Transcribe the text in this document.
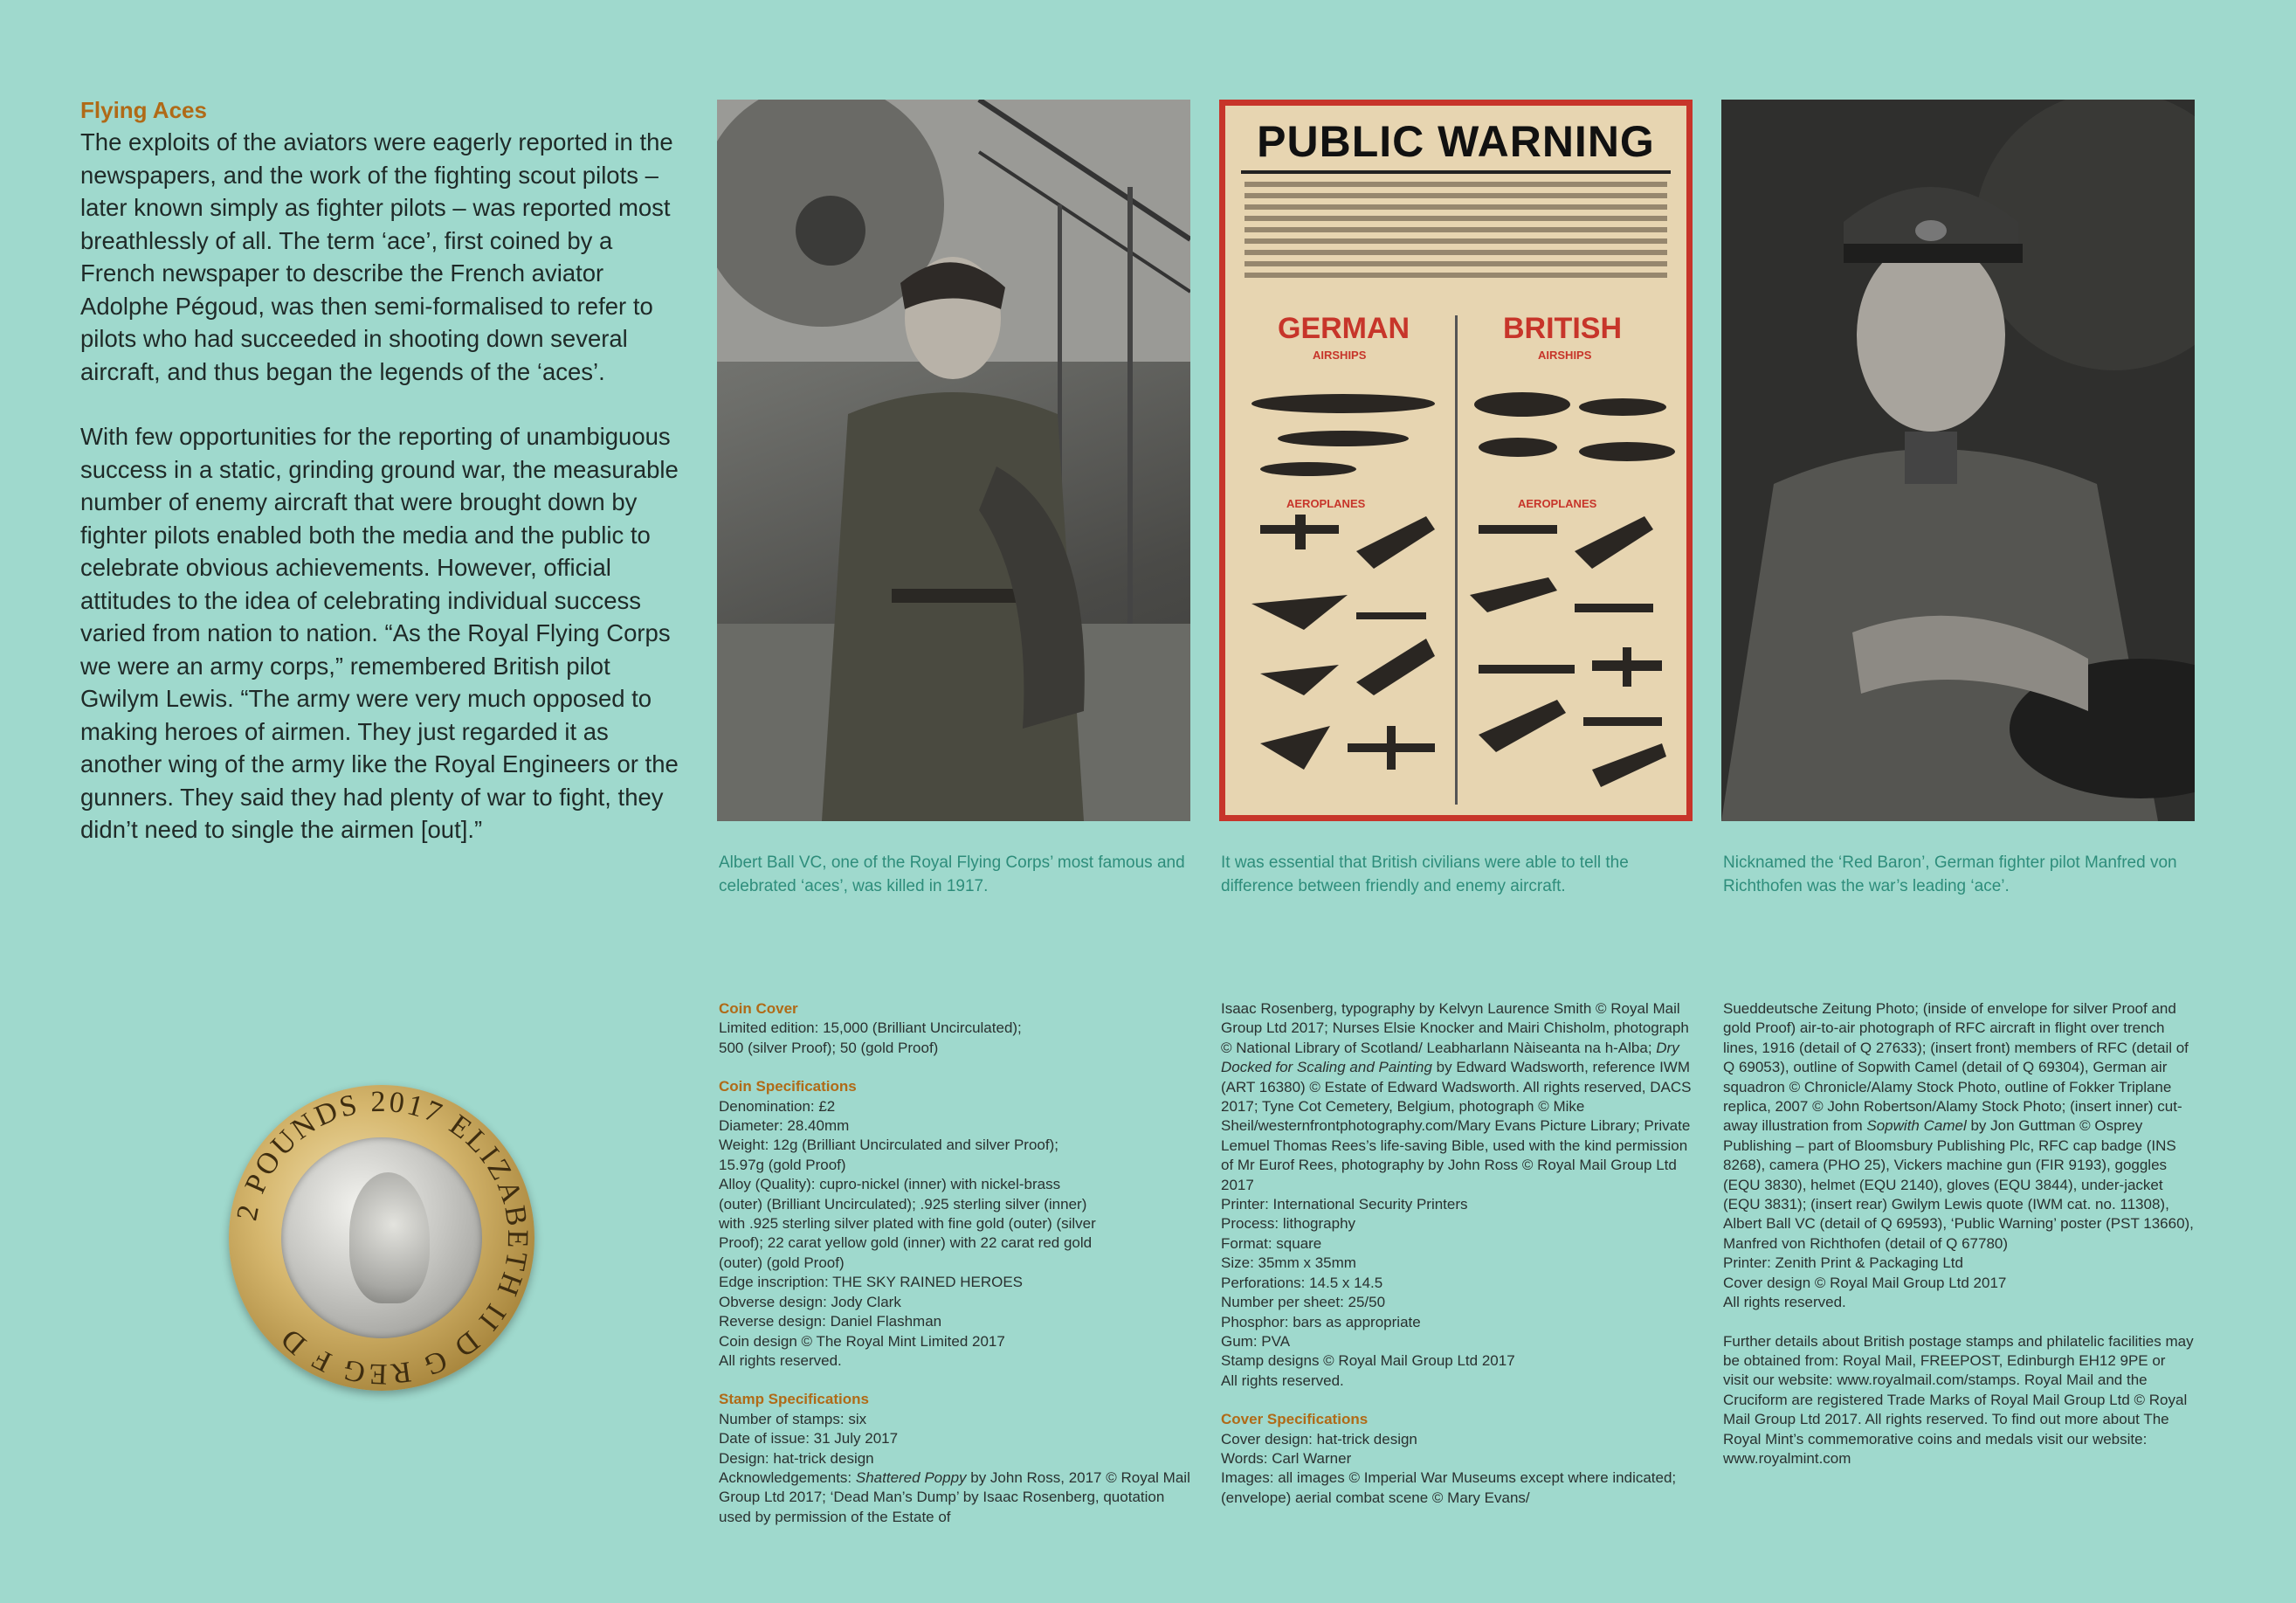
Flying Aces

The exploits of the aviators were eagerly reported in the newspapers, and the work of the fighting scout pilots – later known simply as fighter pilots – was reported most breathlessly of all. The term ‘ace’, first coined by a French newspaper to describe the French aviator Adolphe Pégoud, was then semi-formalised to refer to pilots who had succeeded in shooting down several aircraft, and thus began the legends of the ‘aces’.

With few opportunities for the reporting of unambiguous success in a static, grinding ground war, the measurable number of enemy aircraft that were brought down by fighter pilots enabled both the media and the public to celebrate obvious achievements. However, official attitudes to the idea of celebrating individual success varied from nation to nation. “As the Royal Flying Corps we were an army corps,” remembered British pilot Gwilym Lewis. “The army were very much opposed to making heroes of airmen. They just regarded it as another wing of the army like the Royal Engineers or the gunners. They said they had plenty of war to fight, they didn’t need to single the airmen [out].”

PUBLIC WARNING
GERMAN
AIRSHIPS
BRITISH
AIRSHIPS
AEROPLANES	AEROPLANES
Albert Ball VC, one of the Royal Flying Corps’ most famous and celebrated ‘aces’, was killed in 1917.
It was essential that British civilians were able to tell the difference between friendly and enemy aircraft.
Nicknamed the ‘Red Baron’, German fighter pilot Manfred von Richthofen was the war’s leading ‘ace’.
2 POUNDS 2017 ELIZABETH II D G REG F D

Coin Cover

Limited edition: 15,000 (Brilliant Uncirculated);

500 (silver Proof); 50 (gold Proof)

Coin Specifications

Denomination: £2

Diameter: 28.40mm

Weight: 12g (Brilliant Uncirculated and silver Proof);

15.97g (gold Proof)

Alloy (Quality): cupro-nickel (inner) with nickel-brass

(outer) (Brilliant Uncirculated); .925 sterling silver (inner)

with .925 sterling silver plated with fine gold (outer) (silver

Proof); 22 carat yellow gold (inner) with 22 carat red gold

(outer) (gold Proof)

Edge inscription: THE SKY RAINED HEROES

Obverse design: Jody Clark

Reverse design: Daniel Flashman

Coin design © The Royal Mint Limited 2017

All rights reserved.

Stamp Specifications

Number of stamps: six

Date of issue: 31 July 2017

Design: hat-trick design

Acknowledgements: Shattered Poppy by John Ross, 2017 © Royal Mail Group Ltd 2017; ‘Dead Man’s Dump’ by Isaac Rosenberg, quotation used by permission of the Estate of

Isaac Rosenberg, typography by Kelvyn Laurence Smith © Royal Mail Group Ltd 2017; Nurses Elsie Knocker and Mairi Chisholm, photograph © National Library of Scotland/ Leabharlann Nàiseanta na h-Alba; Dry Docked for Scaling and Painting by Edward Wadsworth, reference IWM (ART 16380) © Estate of Edward Wadsworth. All rights reserved, DACS 2017; Tyne Cot Cemetery, Belgium, photograph © Mike Sheil/westernfrontphotography.com/Mary Evans Picture Library; Private Lemuel Thomas Rees’s life-saving Bible, used with the kind permission of Mr Eurof Rees, photography by John Ross © Royal Mail Group Ltd 2017

Printer: International Security Printers

Process: lithography

Format: square

Size: 35mm x 35mm

Perforations: 14.5 x 14.5

Number per sheet: 25/50

Phosphor: bars as appropriate

Gum: PVA

Stamp designs © Royal Mail Group Ltd 2017

All rights reserved.

Cover Specifications

Cover design: hat-trick design

Words: Carl Warner

Images: all images © Imperial War Museums except where indicated; (envelope) aerial combat scene © Mary Evans/

Sueddeutsche Zeitung Photo; (inside of envelope for silver Proof and gold Proof) air-to-air photograph of RFC aircraft in flight over trench lines, 1916 (detail of Q 27633); (insert front) members of RFC (detail of Q 69053), outline of Sopwith Camel (detail of Q 69304), German air squadron © Chronicle/Alamy Stock Photo, outline of Fokker Triplane replica, 2007 © John Robertson/Alamy Stock Photo; (insert inner) cut-away illustration from Sopwith Camel by Jon Guttman © Osprey Publishing – part of Bloomsbury Publishing Plc, RFC cap badge (INS 8268), camera (PHO 25), Vickers machine gun (FIR 9193), goggles (EQU 3830), helmet (EQU 2140), gloves (EQU 3844), under-jacket (EQU 3831); (insert rear) Gwilym Lewis quote (IWM cat. no. 11308), Albert Ball VC (detail of Q 69593), ‘Public Warning’ poster (PST 13660), Manfred von Richthofen (detail of Q 67780)

Printer: Zenith Print & Packaging Ltd

Cover design © Royal Mail Group Ltd 2017

All rights reserved.

Further details about British postage stamps and philatelic facilities may be obtained from: Royal Mail, FREEPOST, Edinburgh EH12 9PE or visit our website: www.royalmail.com/stamps. Royal Mail and the Cruciform are registered Trade Marks of Royal Mail Group Ltd © Royal Mail Group Ltd 2017. All rights reserved. To find out more about The Royal Mint’s commemorative coins and medals visit our website: www.royalmint.com
